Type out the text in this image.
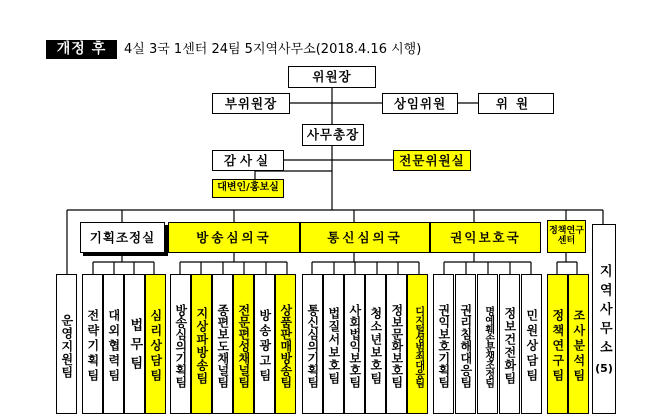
개정 후	4실 3국 1센터 24팀 5지역사무소(2018.4.16 시행)
위원장
부위원장	상임위원	위원
사무총장
감사실	전문위원실
대변인/홍보실
기획조정실	방송심의국	통신심의국	권익보호국	정책연구센터
운영지원팀 전략기획팀 대외협력팀 법무팀 심리상담팀 방송심의기획팀 지상파방송팀 종편보도채널팀 전문편성채널팀 방송광고팀 상품판매방송팀 통신심의기획팀 법질서보호팀 사회법익보호팀 청소년보호팀 정보문화보호팀 디지털성범죄대응팀 권익보호기획팀 권리침해대응팀 명예훼손분쟁조정팀 정보건전화팀 민원상담팀 정책연구팀 조사분석팀 지역사무소
(5)
